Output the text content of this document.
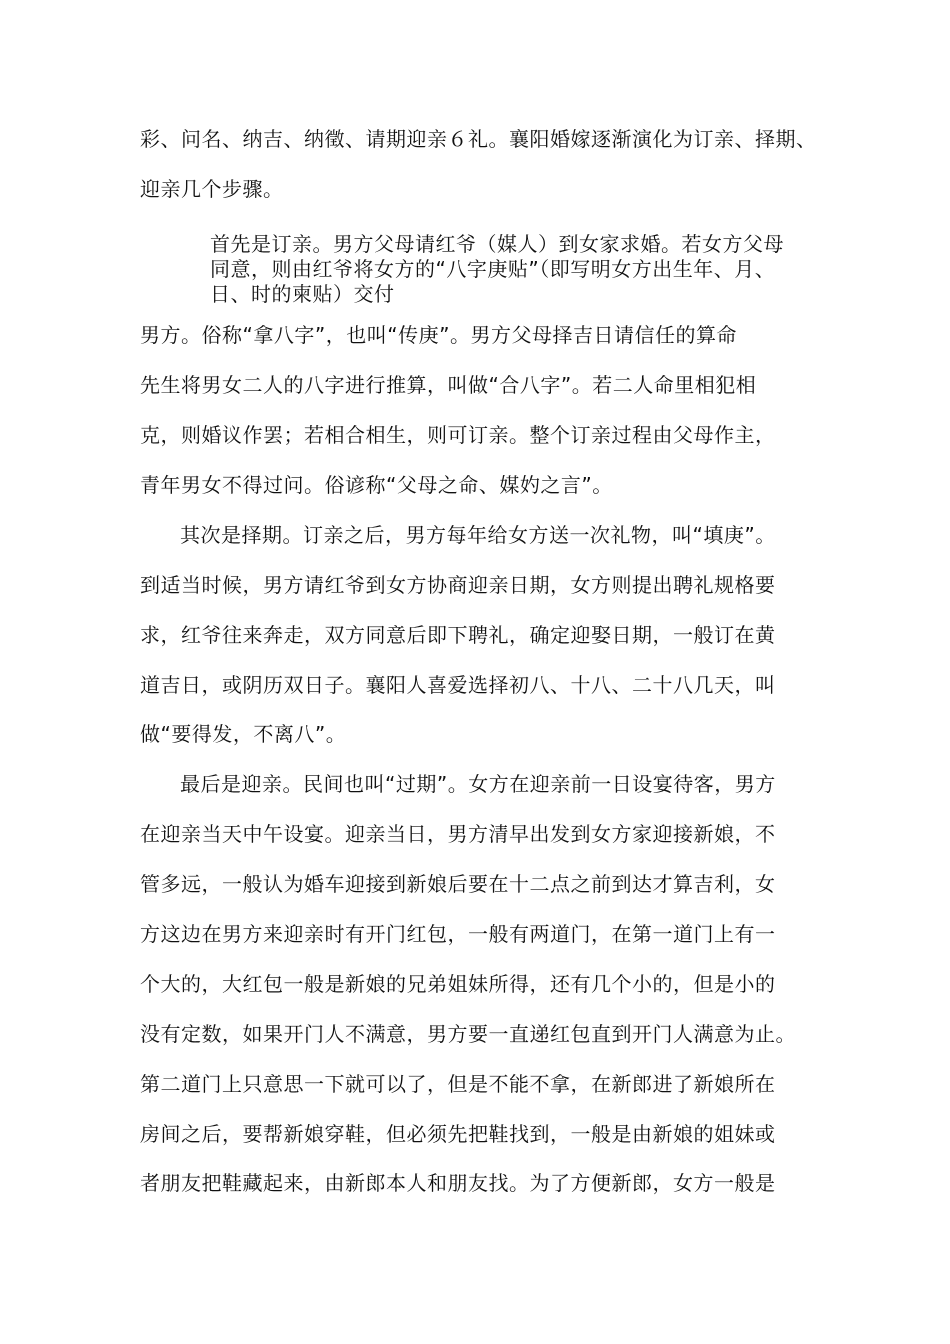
彩、问名、纳吉、纳徵、请期迎亲６礼。襄阳婚嫁逐渐演化为订亲、择期、
迎亲几个步骤。
首先是订亲。男方父母请红爷（媒人）到女家求婚。若女方父母
同意，则由红爷将女方的“八字庚贴”（即写明女方出生年、月、
日、时的柬贴）交付
男方。俗称“拿八字”，也叫“传庚”。男方父母择吉日请信任的算命
先生将男女二人的八字进行推算，叫做“合八字”。若二人命里相犯相
克，则婚议作罢；若相合相生，则可订亲。整个订亲过程由父母作主，
青年男女不得过问。俗谚称“父母之命、媒妁之言”。
其次是择期。订亲之后，男方每年给女方送一次礼物，叫“填庚”。
到适当时候，男方请红爷到女方协商迎亲日期，女方则提出聘礼规格要
求，红爷往来奔走，双方同意后即下聘礼，确定迎娶日期，一般订在黄
道吉日，或阴历双日子。襄阳人喜爱选择初八、十八、二十八几天，叫
做“要得发，不离八”。
最后是迎亲。民间也叫“过期”。女方在迎亲前一日设宴待客，男方
在迎亲当天中午设宴。迎亲当日，男方清早出发到女方家迎接新娘，不
管多远，一般认为婚车迎接到新娘后要在十二点之前到达才算吉利，女
方这边在男方来迎亲时有开门红包，一般有两道门，在第一道门上有一
个大的，大红包一般是新娘的兄弟姐妹所得，还有几个小的，但是小的
没有定数，如果开门人不满意，男方要一直递红包直到开门人满意为止。
第二道门上只意思一下就可以了，但是不能不拿，在新郎进了新娘所在
房间之后，要帮新娘穿鞋，但必须先把鞋找到，一般是由新娘的姐妹或
者朋友把鞋藏起来，由新郎本人和朋友找。为了方便新郎，女方一般是
